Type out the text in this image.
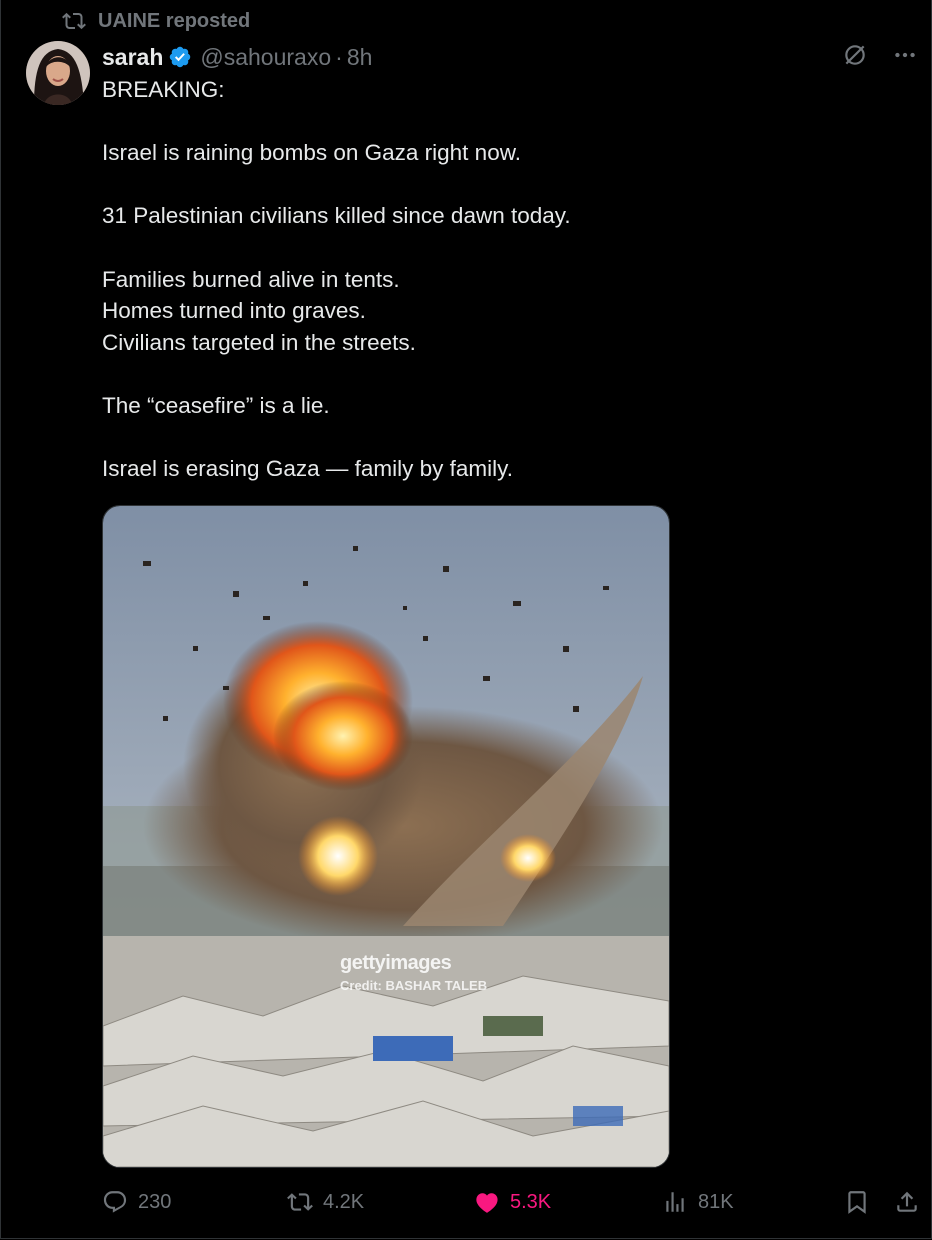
UAINE reposted
sarah @sahouraxo · 8h

BREAKING:

Israel is raining bombs on Gaza right now.

31 Palestinian civilians killed since dawn today.

Families burned alive in tents.

Homes turned into graves.

Civilians targeted in the streets.

The “ceasefire” is a lie.

Israel is erasing Gaza — family by family.

gettyimages
Credit: BASHAR TALEB
230	4.2K	5.3K	81K
